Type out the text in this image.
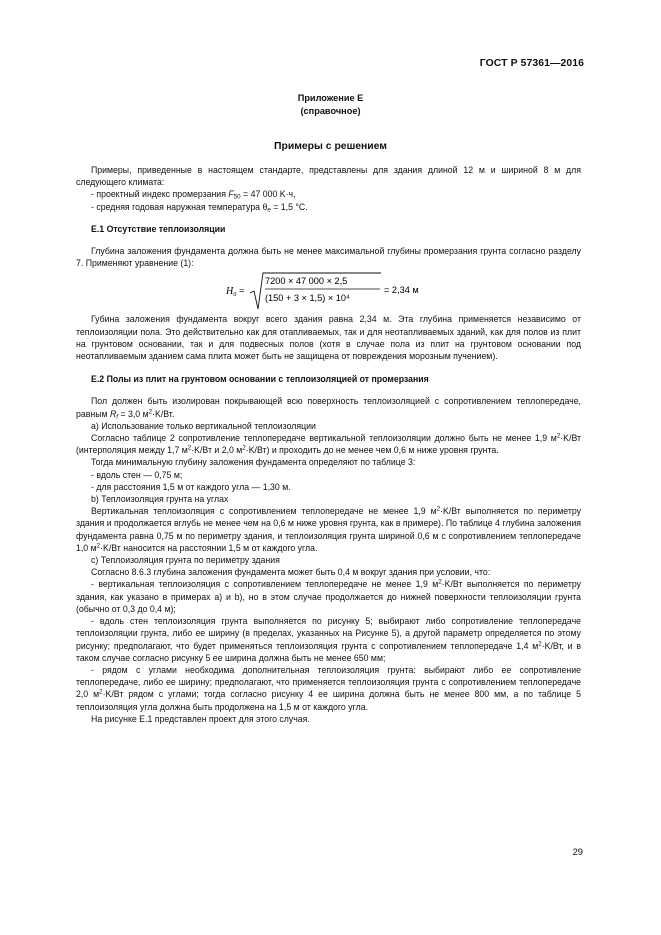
ГОСТ Р 57361—2016
Приложение Е
(справочное)
Примеры с решением

Примеры, приведенные в настоящем стандарте, представлены для здания длиной 12 м и шириной 8 м для следующего климата:

- проектный индекс промерзания $F_{50} = 47$ 000 K·ч,

- средняя годовая наружная температура $\theta_e = 1,5$ °С.

Е.1 Отсутствие теплоизоляции

Глубина заложения фундамента должна быть не менее максимальной глубины промерзания грунта согласно разделу 7. Применяют уравнение (1):

$H_0$ =
7200 × 47 000 × 2,5
(150 + 3 × 1,5) × 10⁴
= 2,34 м

Губина заложения фундамента вокруг всего здания равна 2,34 м. Эта глубина применяется независимо от теплоизоляции пола. Это действительно как для отапливаемых, так и для неотапливаемых зданий, как для полов из плит на грунтовом основании, так и для подвесных полов (хотя в случае пола из плит на грунтовом основании под неотапливаемым зданием сама плита может быть не защищена от повреждения морозным пучением).

Е.2 Полы из плит на грунтовом основании с теплоизоляцией от промерзания

Пол должен быть изолирован покрывающей всю поверхность теплоизоляцией с сопротивлением теплопередаче, равным $R_f = 3,0$ $м^2\cdot K/Вт$.

a) Использование только вертикальной теплоизоляции

Согласно таблице 2 сопротивление теплопередаче вертикальной теплоизоляции должно быть не менее 1,9 $м^2\cdot K/Вт$ (интерполяция между 1,7 $м^2\cdot K/Вт$ и 2,0 $м^2\cdot K/Вт$) и проходить до не менее чем 0,6 м ниже уровня грунта.

Тогда минимальную глубину заложения фундамента определяют по таблице 3:

- вдоль стен — 0,75 м;

- для расстояния 1,5 м от каждого угла — 1,30 м.

b) Теплоизоляция грунта на углах

Вертикальная теплоизоляция с сопротивлением теплопередаче не менее 1,9 $м^2\cdot K/Вт$ выполняется по периметру здания и продолжается вглубь не менее чем на 0,6 м ниже уровня грунта, как в примере). По таблице 4 глубина заложения фундамента равна 0,75 м по периметру здания, и теплоизоляция грунта шириной 0,6 м с сопротивлением теплопередаче 1,0 $м^2\cdot K/Вт$ наносится на расстоянии 1,5 м от каждого угла.

c) Теплоизоляция грунта по периметру здания

Согласно 8.6.3 глубина заложения фундамента может быть 0,4 м вокруг здания при условии, что:

- вертикальная теплоизоляция с сопротивлением теплопередаче не менее 1,9 $м^2\cdot K/Вт$ выполняется по периметру здания, как указано в примерах a) и b), но в этом случае продолжается до нижней поверхности теплоизоляции грунта (обычно от 0,3 до 0,4 м);

- вдоль стен теплоизоляция грунта выполняется по рисунку 5; выбирают либо сопротивление теплопередаче теплоизоляции грунта, либо ее ширину (в пределах, указанных на Рисунке 5), а другой параметр определяется по этому рисунку; предполагают, что будет применяться теплоизоляция грунта с сопротивлением теплопередаче 1,4 $м^2\cdot K/Вт$, и в таком случае согласно рисунку 5 ее ширина должна быть не менее 650 мм;

- рядом с углами необходима дополнительная теплоизоляция грунта: выбирают либо ее сопротивление теплопередаче, либо ее ширину; предполагают, что применяется теплоизоляция грунта с сопротивлением теплопередаче 2,0 $м^2\cdot K/Вт$ рядом с углами; тогда согласно рисунку 4 ее ширина должна быть не менее 800 мм, а по таблице 5 теплоизоляция угла должна быть продолжена на 1,5 м от каждого угла.

На рисунке Е.1 представлен проект для этого случая.

29
